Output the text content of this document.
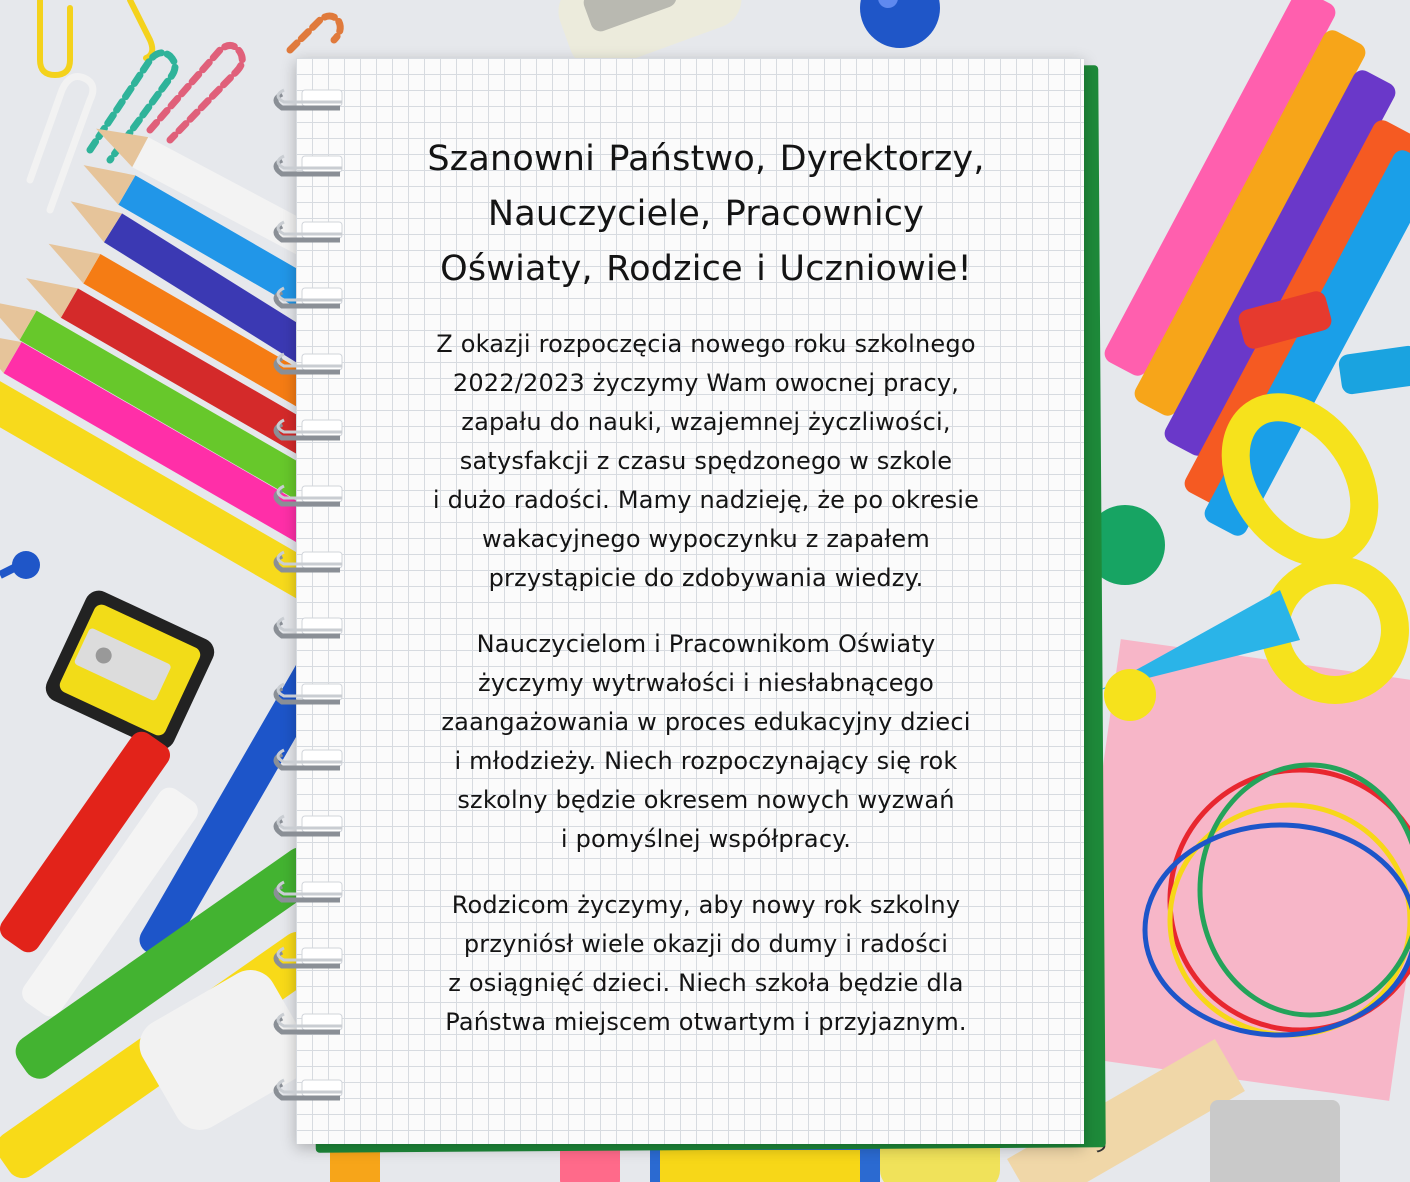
Szanowni Państwo, Dyrektorzy,
Nauczyciele, Pracownicy
Oświaty, Rodzice i Uczniowie!

Z okazji rozpoczęcia nowego roku szkolnego
2022/2023 życzymy Wam owocnej pracy,
zapału do nauki, wzajemnej życzliwości,
satysfakcji z czasu spędzonego w szkole
i dużo radości. Mamy nadzieję, że po okresie
wakacyjnego wypoczynku z zapałem
przystąpicie do zdobywania wiedzy.

Nauczycielom i Pracownikom Oświaty
życzymy wytrwałości i niesłabnącego
zaangażowania w proces edukacyjny dzieci
i młodzieży. Niech rozpoczynający się rok
szkolny będzie okresem nowych wyzwań
i pomyślnej współpracy.

Rodzicom życzymy, aby nowy rok szkolny
przyniósł wiele okazji do dumy i radości
z osiągnięć dzieci. Niech szkoła będzie dla
Państwa miejscem otwartym i przyjaznym.
